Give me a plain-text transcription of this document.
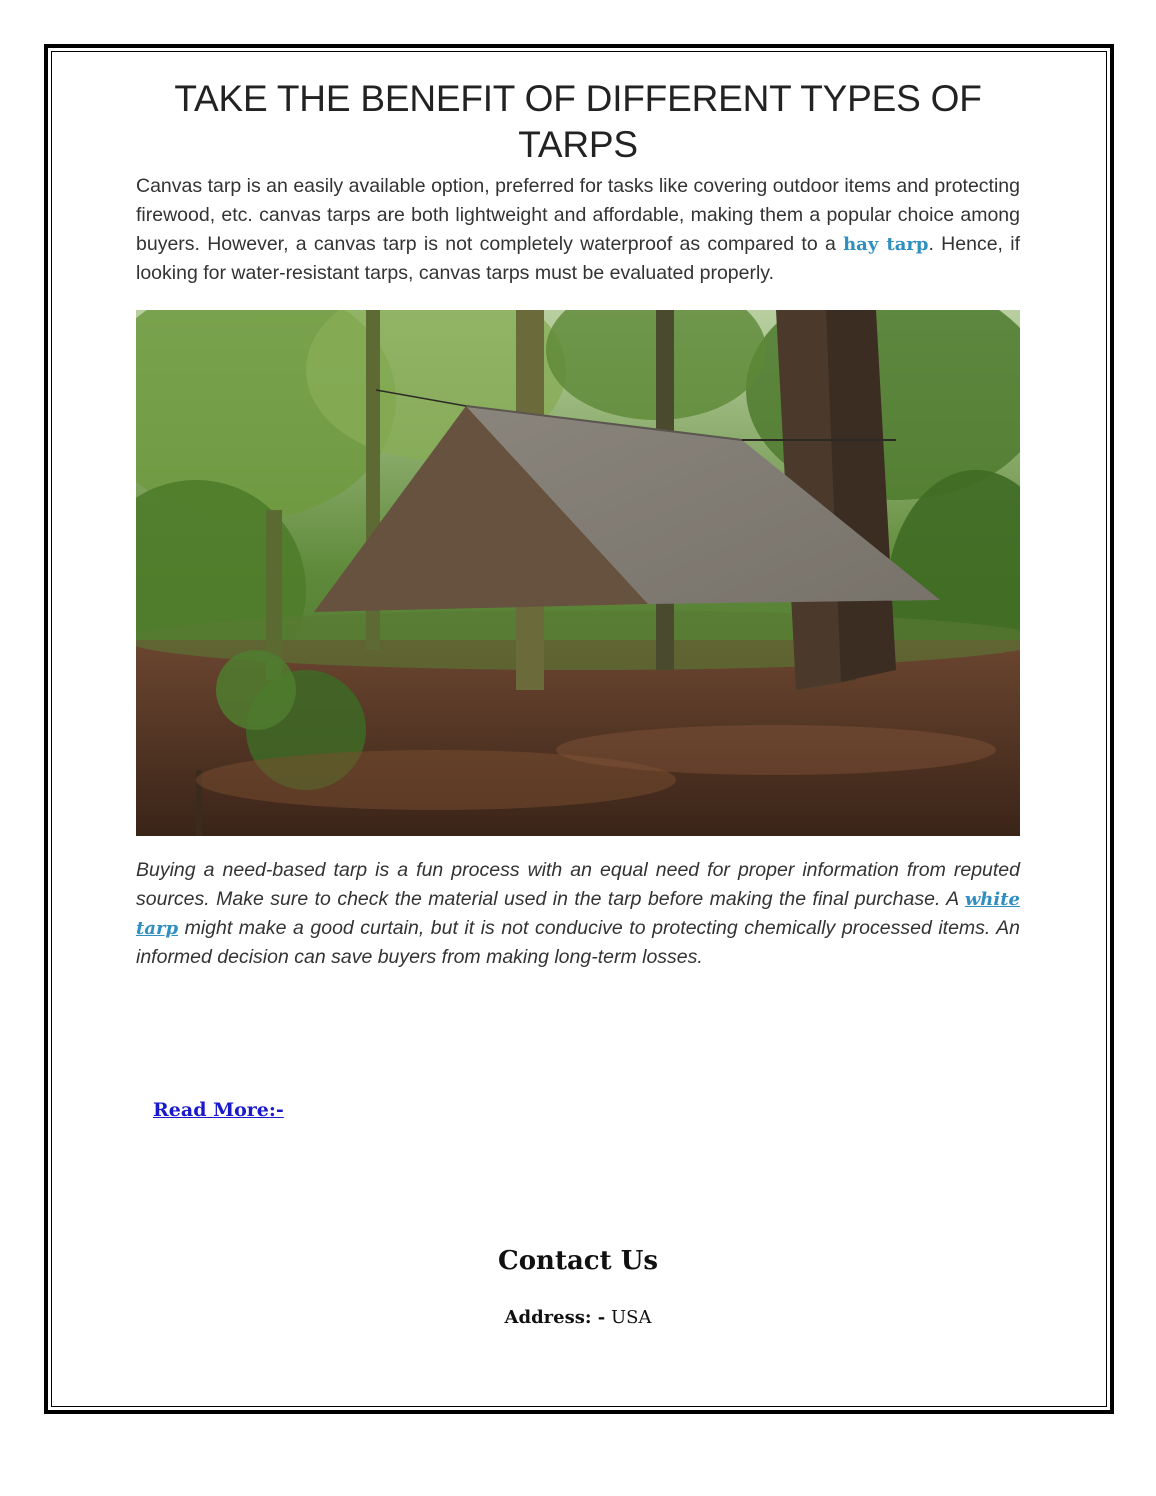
TAKE THE BENEFIT OF DIFFERENT TYPES OF TARPS

Canvas tarp is an easily available option, preferred for tasks like covering outdoor items and protecting firewood, etc. canvas tarps are both lightweight and affordable, making them a popular choice among buyers. However, a canvas tarp is not completely waterproof as compared to a hay tarp. Hence, if looking for water-resistant tarps, canvas tarps must be evaluated properly.

Buying a need-based tarp is a fun process with an equal need for proper information from reputed sources. Make sure to check the material used in the tarp before making the final purchase. A white tarp might make a good curtain, but it is not conducive to protecting chemically processed items. An informed decision can save buyers from making long-term losses.

Read More:-
Contact Us
Address: - USA
